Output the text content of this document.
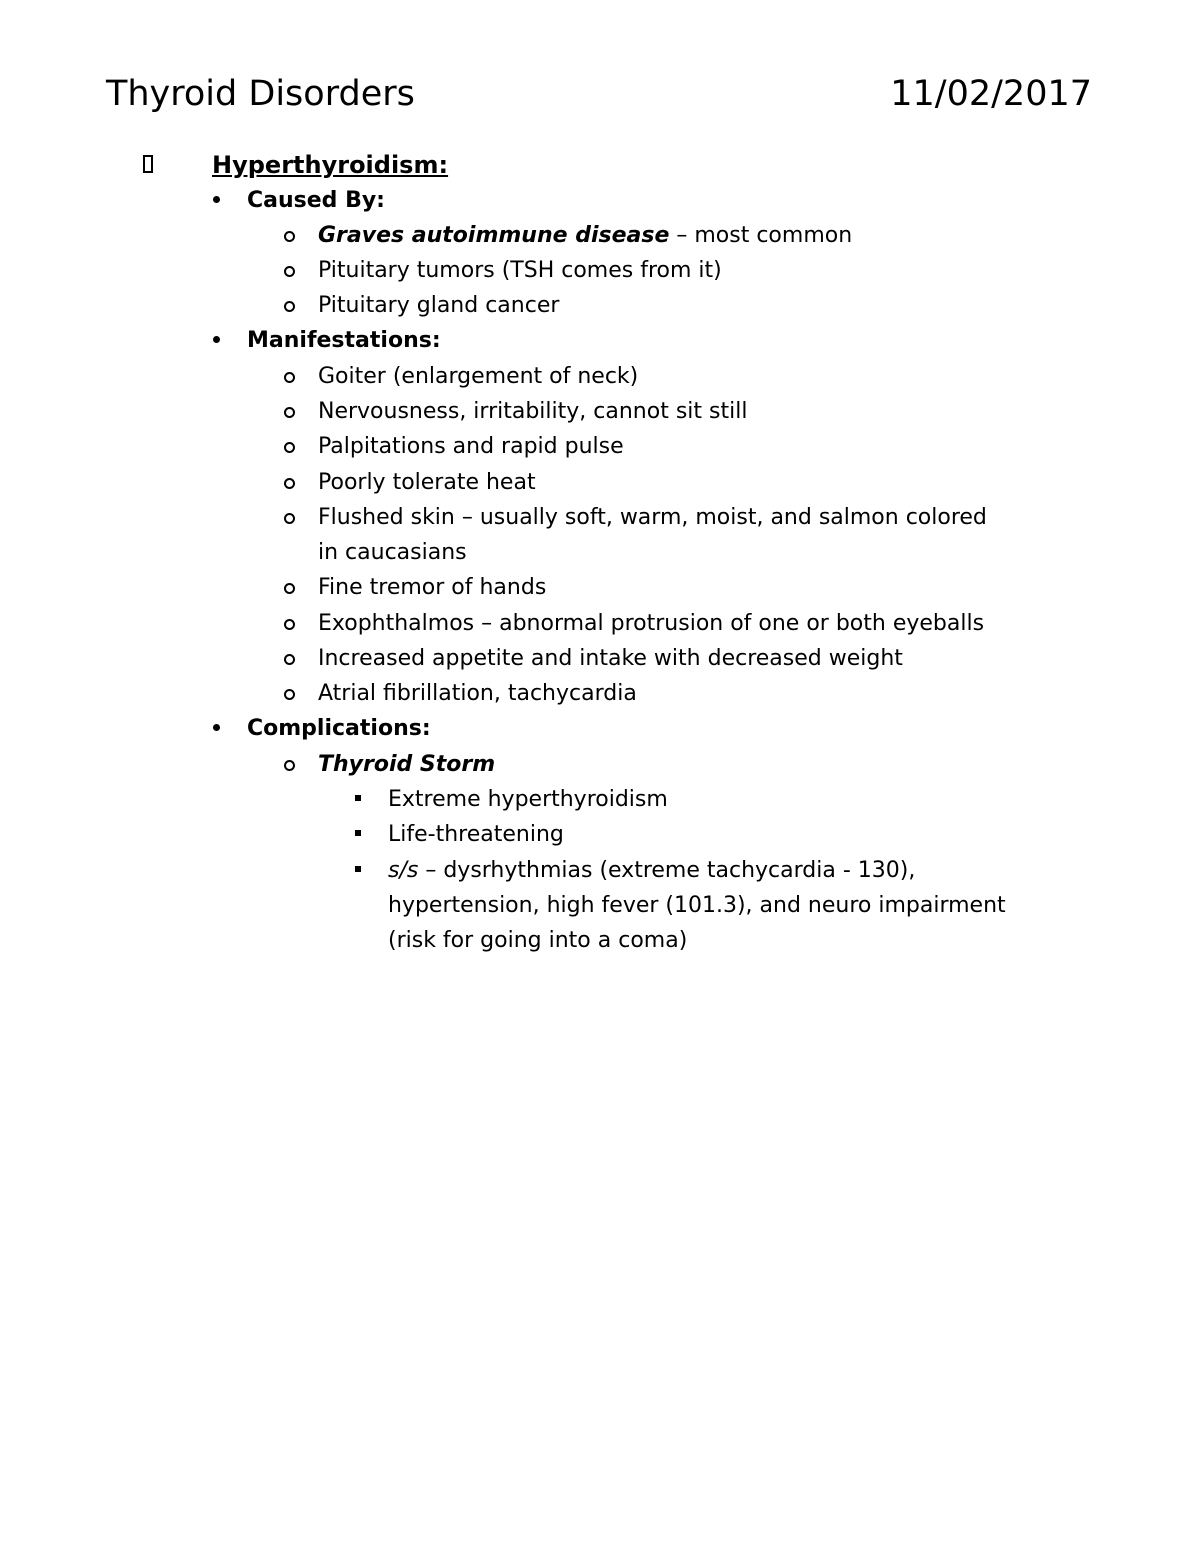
Thyroid Disorders	11/02/2017
Hyperthyroidism:
Caused By:
Graves autoimmune disease – most common
Pituitary tumors (TSH comes from it)
Pituitary gland cancer
Manifestations:
Goiter (enlargement of neck)
Nervousness, irritability, cannot sit still
Palpitations and rapid pulse
Poorly tolerate heat
Flushed skin – usually soft, warm, moist, and salmon colored
in caucasians
Fine tremor of hands
Exophthalmos – abnormal protrusion of one or both eyeballs
Increased appetite and intake with decreased weight
Atrial fibrillation, tachycardia
Complications:
Thyroid Storm
Extreme hyperthyroidism
Life-threatening
s/s – dysrhythmias (extreme tachycardia - 130),
hypertension, high fever (101.3), and neuro impairment
(risk for going into a coma)
